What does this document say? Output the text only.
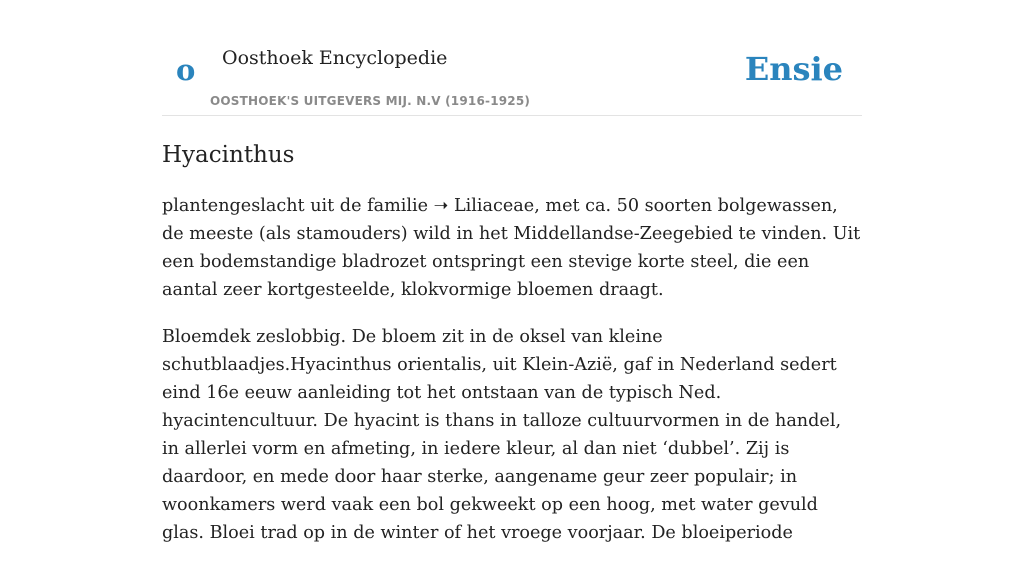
o Oosthoek Encyclopedie
OOSTHOEK'S UITGEVERS MIJ. N.V (1916-1925)
Ensie
Hyacinthus

plantengeslacht uit de familie ➝ Liliaceae, met ca. 50 soorten bolgewassen, de meeste (als stamouders) wild in het Middellandse-Zeegebied te vinden. Uit een bodemstandige bladrozet ontspringt een stevige korte steel, die een aantal zeer kortgesteelde, klokvormige bloemen draagt.

Bloemdek zeslobbig. De bloem zit in de oksel van kleine schutblaadjes.Hyacinthus orientalis, uit Klein-Azië, gaf in Nederland sedert eind 16e eeuw aanleiding tot het ontstaan van de typisch Ned. hyacintencultuur. De hyacint is thans in talloze cultuurvormen in de handel, in allerlei vorm en afmeting, in iedere kleur, al dan niet ‘dubbel’. Zij is daardoor, en mede door haar sterke, aangename geur zeer populair; in woonkamers werd vaak een bol gekweekt op een hoog, met water gevuld glas. Bloei trad op in de winter of het vroege voorjaar. De bloeiperiode
